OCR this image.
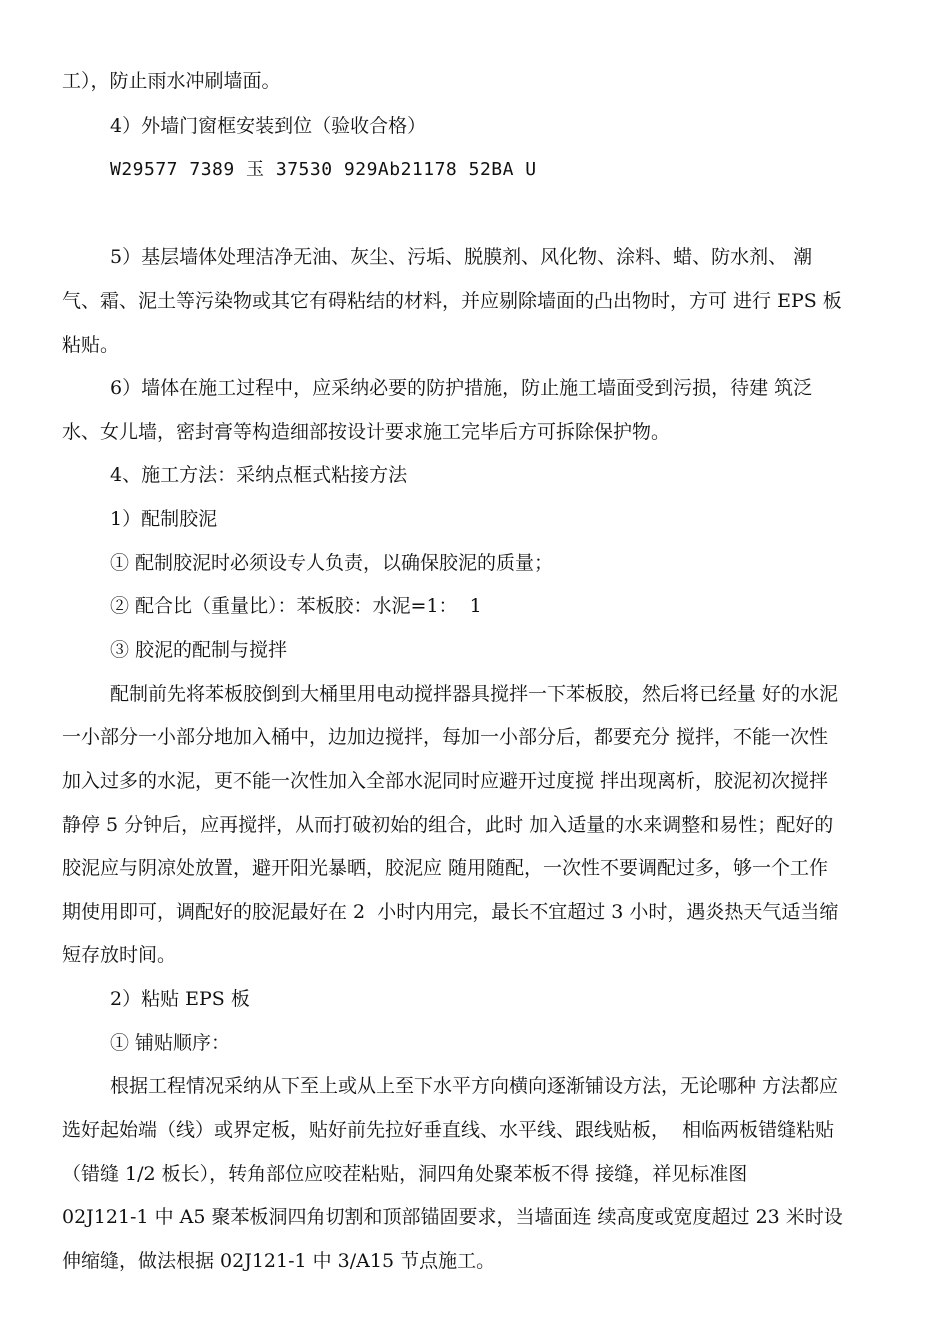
工），防止雨水冲刷墙面。
4）外墙门窗框安装到位（验收合格）
W29577 7389 玉 37530 929Ab21178 52BA U
5）基层墙体处理洁净无油、灰尘、污垢、脱膜剂、风化物、涂料、蜡、防水剂、 潮
气、霜、泥土等污染物或其它有碍粘结的材料，并应剔除墙面的凸出物时，方可 进行 EPS 板
粘贴。
6）墙体在施工过程中，应采纳必要的防护措施，防止施工墙面受到污损，待建 筑泛
水、女儿墙，密封膏等构造细部按设计要求施工完毕后方可拆除保护物。
4、施工方法：采纳点框式粘接方法
1）配制胶泥
① 配制胶泥时必须设专人负责，以确保胶泥的质量；
② 配合比（重量比）：苯板胶：水泥=1：  1
③ 胶泥的配制与搅拌
配制前先将苯板胶倒到大桶里用电动搅拌器具搅拌一下苯板胶，然后将已经量 好的水泥
一小部分一小部分地加入桶中，边加边搅拌，每加一小部分后，都要充分 搅拌，不能一次性
加入过多的水泥，更不能一次性加入全部水泥同时应避开过度搅 拌出现离析，胶泥初次搅拌
静停 5 分钟后，应再搅拌，从而打破初始的组合，此时 加入适量的水来调整和易性；配好的
胶泥应与阴凉处放置，避开阳光暴晒，胶泥应 随用随配，一次性不要调配过多，够一个工作
期使用即可，调配好的胶泥最好在 2  小时内用完，最长不宜超过 3 小时，遇炎热天气适当缩
短存放时间。
2）粘贴 EPS 板
① 铺贴顺序：
根据工程情况采纳从下至上或从上至下水平方向横向逐渐铺设方法，无论哪种 方法都应
选好起始端（线）或界定板，贴好前先拉好垂直线、水平线、跟线贴板，  相临两板错缝粘贴
（错缝 1/2 板长），转角部位应咬茬粘贴，洞四角处聚苯板不得 接缝，祥见标准图
02J121-1 中 A5 聚苯板洞四角切割和顶部锚固要求，当墙面连 续高度或宽度超过 23 米时设
伸缩缝，做法根据 02J121-1 中 3/A15 节点施工。
